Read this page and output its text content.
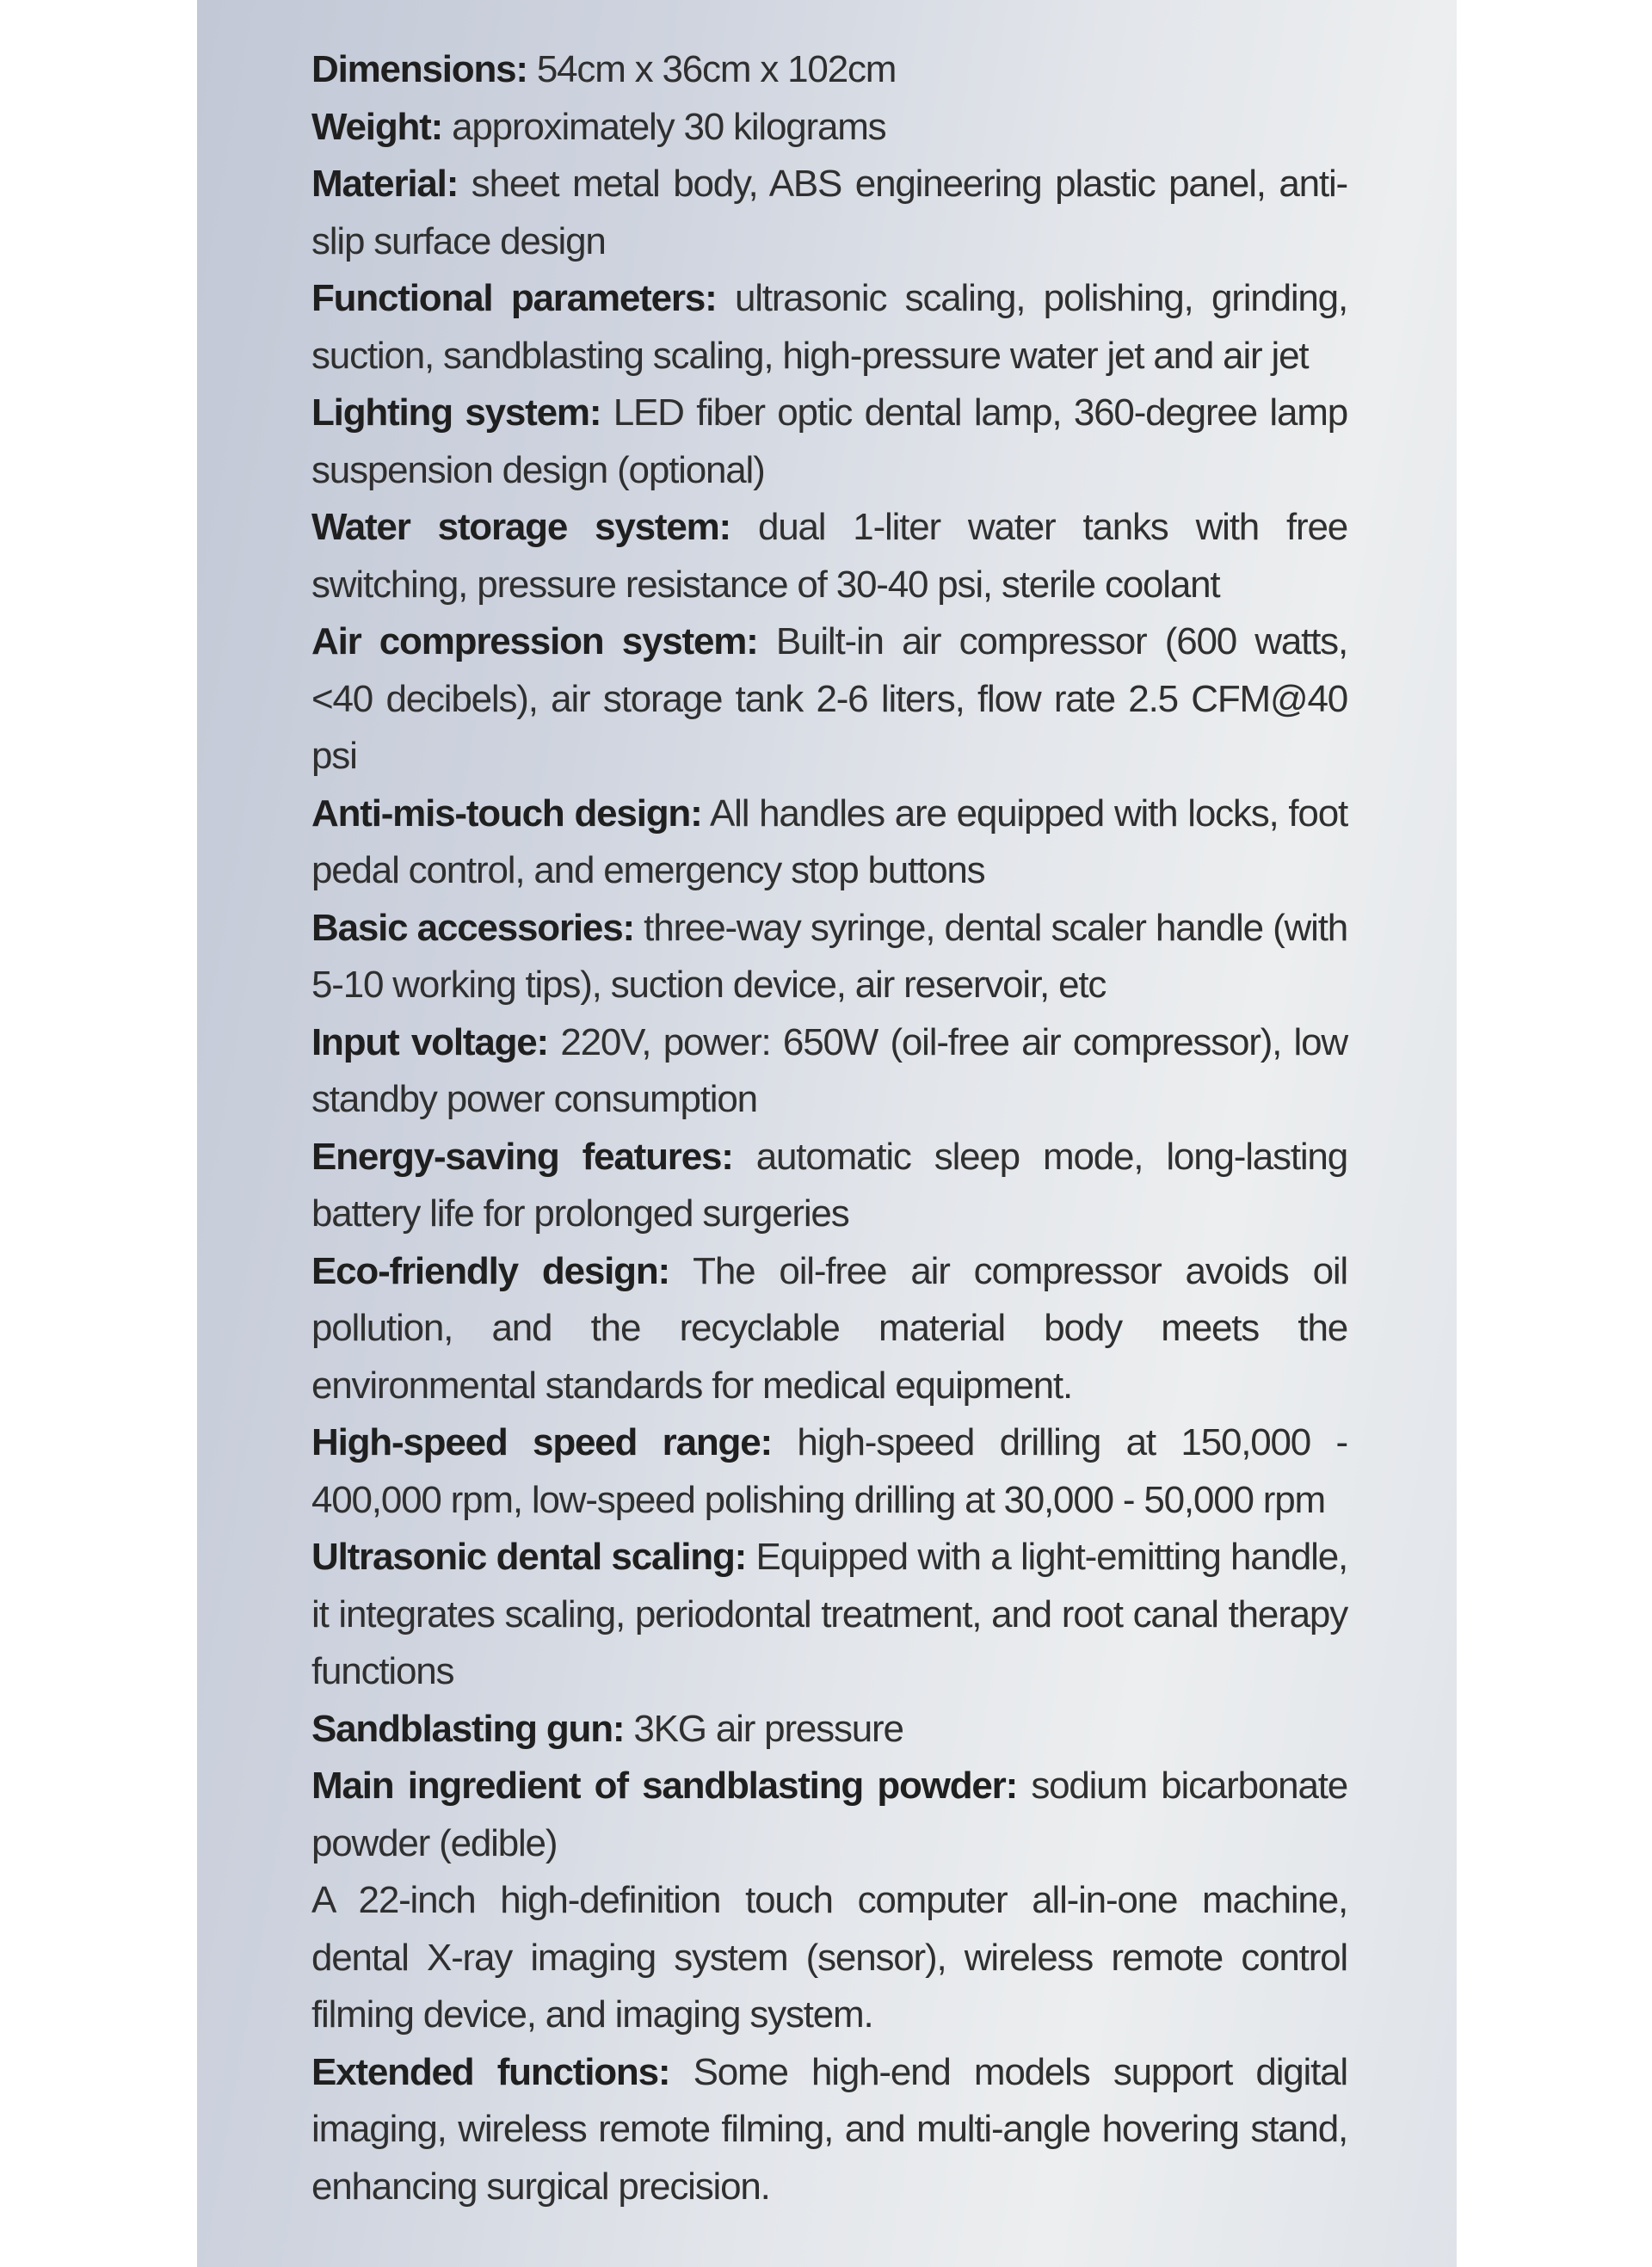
Dimensions: 54cm x 36cm x 102cm

Weight: approximately 30 kilograms

Material: sheet metal body, ABS engineering plastic panel, anti-slip surface design

Functional parameters: ultrasonic scaling, polishing, grinding, suction, sandblasting scaling, high-pressure water jet and air jet

Lighting system: LED fiber optic dental lamp, 360-degree lamp suspension design (optional)

Water storage system: dual 1-liter water tanks with free switching, pressure resistance of 30-40 psi, sterile coolant

Air compression system: Built-in air compressor (600 watts, <40 decibels), air storage tank 2-6 liters, flow rate 2.5 CFM@40 psi

Anti-mis-touch design: All handles are equipped with locks, foot pedal control, and emergency stop buttons

Basic accessories: three-way syringe, dental scaler handle (with 5-10 working tips), suction device, air reservoir, etc

Input voltage: 220V, power: 650W (oil-free air compressor), low standby power consumption

Energy-saving features: automatic sleep mode, long-lasting battery life for prolonged surgeries

Eco-friendly design: The oil-free air compressor avoids oil pollution, and the recyclable material body meets the environmental standards for medical equipment.

High-speed speed range: high-speed drilling at 150,000 - 400,000 rpm, low-speed polishing drilling at 30,000 - 50,000 rpm

Ultrasonic dental scaling: Equipped with a light-emitting handle, it integrates scaling, periodontal treatment, and root canal therapy functions

Sandblasting gun: 3KG air pressure

Main ingredient of sandblasting powder: sodium bicarbonate powder (edible)

A 22-inch high-definition touch computer all-in-one machine, dental X-ray imaging system (sensor), wireless remote control filming device, and imaging system.

Extended functions: Some high-end models support digital imaging, wireless remote filming, and multi-angle hovering stand, enhancing surgical precision.
